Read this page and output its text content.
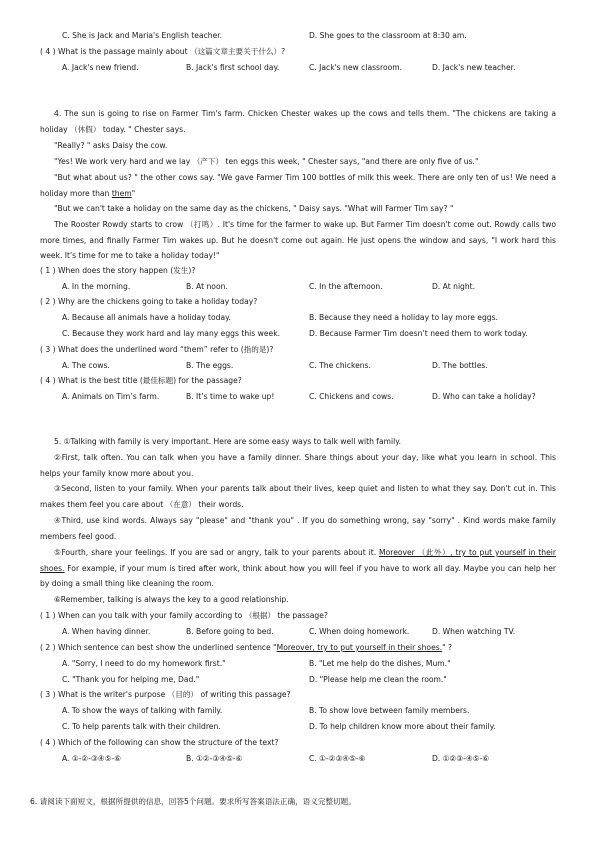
C. She is Jack and Maria's English teacher.	D. She goes to the classroom at 8:30 am.
( 4 ) What is the passage mainly about （这篇文章主要关于什么）?
A. Jack's new friend.	B. Jack's first school day.	C. Jack's new classroom.	D. Jack's new teacher.
4. The sun is going to rise on Farmer Tim's farm. Chicken Chester wakes up the cows and tells them. "The chickens are taking a holiday （休假） today. " Chester says.
"Really? " asks Daisy the cow.
"Yes! We work very hard and we lay （产下） ten eggs this week, " Chester says, "and there are only five of us."
"But what about us? " the other cows say. "We gave Farmer Tim 100 bottles of milk this week. There are only ten of us! We need a holiday more than them"
"But we can't take a holiday on the same day as the chickens, " Daisy says. "What will Farmer Tim say? "
The Rooster Rowdy starts to crow （打鸣）. It's time for the farmer to wake up. But Farmer Tim doesn't come out. Rowdy calls two more times, and finally Farmer Tim wakes up. But he doesn't come out again. He just opens the window and says, "I work hard this week. It's time for me to take a holiday today!"
( 1 ) When does the story happen (发生)?
A. In the morning.	B. At noon.	C. In the afternoon.	D. At night.
( 2 ) Why are the chickens going to take a holiday today?
A. Because all animals have a holiday today.	B. Because they need a holiday to lay more eggs.
C. Because they work hard and lay many eggs this week.	D. Because Farmer Tim doesn’t need them to work today.
( 3 ) What does the underlined word “them” refer to (指的是)?
A. The cows.	B. The eggs.	C. The chickens.	D. The bottles.
( 4 ) What is the best title (最佳标题) for the passage?
A. Animals on Tim’s farm.	B. It’s time to wake up!	C. Chickens and cows.	D. Who can take a holiday?
5. ①Talking with family is very important. Here are some easy ways to talk well with family.
②First, talk often. You can talk when you have a family dinner. Share things about your day, like what you learn in school. This helps your family know more about you.
③Second, listen to your family. When your parents talk about their lives, keep quiet and listen to what they say. Don't cut in. This makes them feel you care about （在意） their words.
④Third, use kind words. Always say "please" and "thank you" . If you do something wrong, say "sorry" . Kind words make family members feel good.
⑤Fourth, share your feelings. If you are sad or angry, talk to your parents about it. Moreover （此外）, try to put yourself in their shoes. For example, if your mum is tired after work, think about how you will feel if you have to work all day. Maybe you can help her by doing a small thing like cleaning the room.
⑥Remember, talking is always the key to a good relationship.
( 1 ) When can you talk with your family according to （根据） the passage?
A. When having dinner.	B. Before going to bed.	C. When doing homework.	D. When watching TV.
( 2 ) Which sentence can best show the underlined sentence "Moreover, try to put yourself in their shoes." ?
A. "Sorry, I need to do my homework first."	B. "Let me help do the dishes, Mum."
C. "Thank you for helping me, Dad."	D. "Please help me clean the room."
( 3 ) What is the writer's purpose （目的） of writing this passage?
A. To show the ways of talking with family.	B. To show love between family members.
C. To help parents talk with their children.	D. To help children know more about their family.
( 4 ) Which of the following can show the structure of the text?
A. ①-②-③④⑤-⑥	B. ①②-③④⑤-⑥	C. ①-②③④⑤-⑥	D. ①②③-④⑤-⑥
6. 请阅读下面短文，根据所提供的信息，回答5个问题。要求所写答案语法正确，语义完整切题。
